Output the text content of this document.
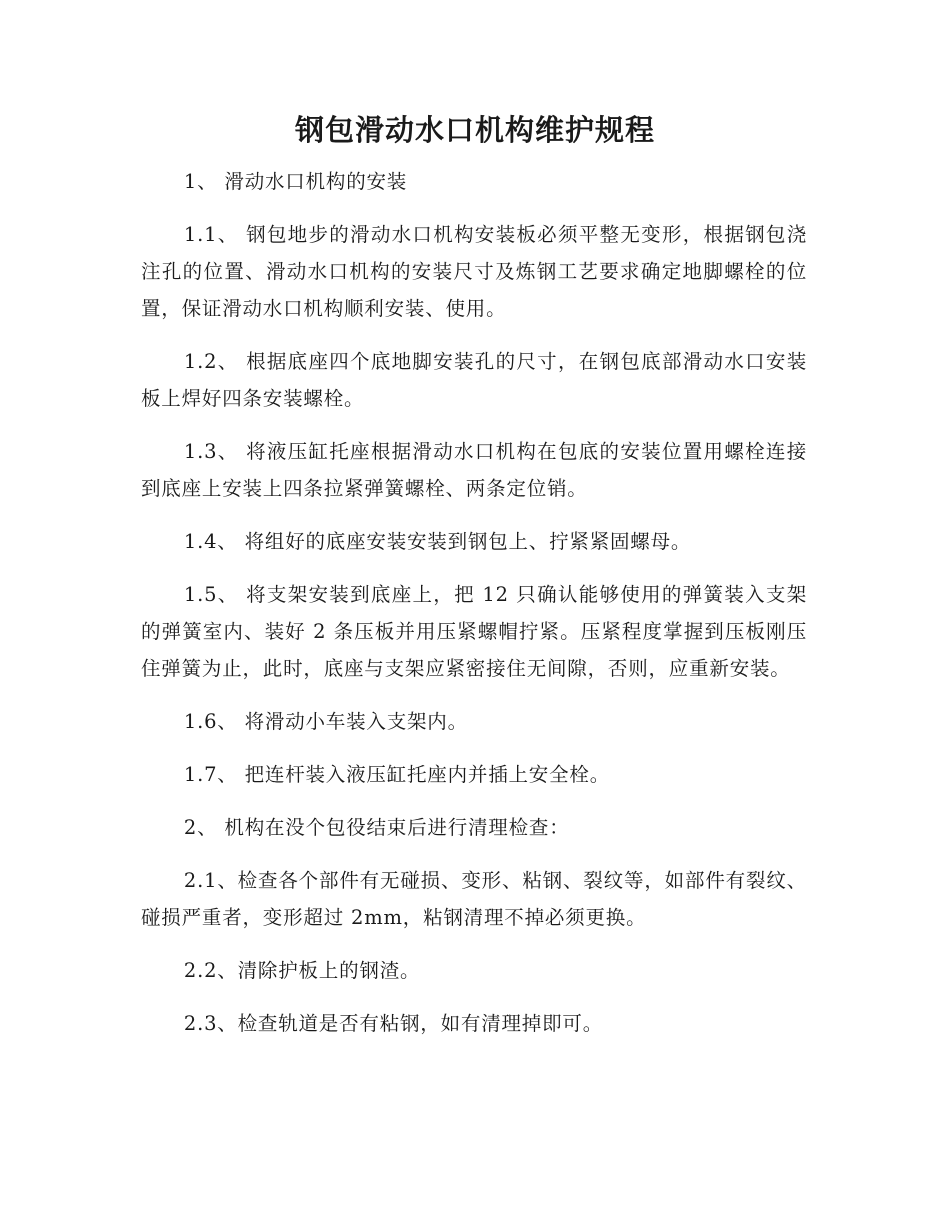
钢包滑动水口机构维护规程

1、 滑动水口机构的安装

1.1、 钢包地步的滑动水口机构安装板必须平整无变形，根据钢包浇注孔的位置、滑动水口机构的安装尺寸及炼钢工艺要求确定地脚螺栓的位置，保证滑动水口机构顺利安装、使用。

1.2、 根据底座四个底地脚安装孔的尺寸，在钢包底部滑动水口安装板上焊好四条安装螺栓。

1.3、 将液压缸托座根据滑动水口机构在包底的安装位置用螺栓连接到底座上安装上四条拉紧弹簧螺栓、两条定位销。

1.4、 将组好的底座安装安装到钢包上、拧紧紧固螺母。

1.5、 将支架安装到底座上，把 12 只确认能够使用的弹簧装入支架的弹簧室内、装好 2 条压板并用压紧螺帽拧紧。压紧程度掌握到压板刚压住弹簧为止，此时，底座与支架应紧密接住无间隙，否则，应重新安装。

1.6、 将滑动小车装入支架内。

1.7、 把连杆装入液压缸托座内并插上安全栓。

2、 机构在没个包役结束后进行清理检查：

2.1、检查各个部件有无碰损、变形、粘钢、裂纹等，如部件有裂纹、碰损严重者，变形超过 2mm，粘钢清理不掉必须更换。

2.2、清除护板上的钢渣。

2.3、检查轨道是否有粘钢，如有清理掉即可。
